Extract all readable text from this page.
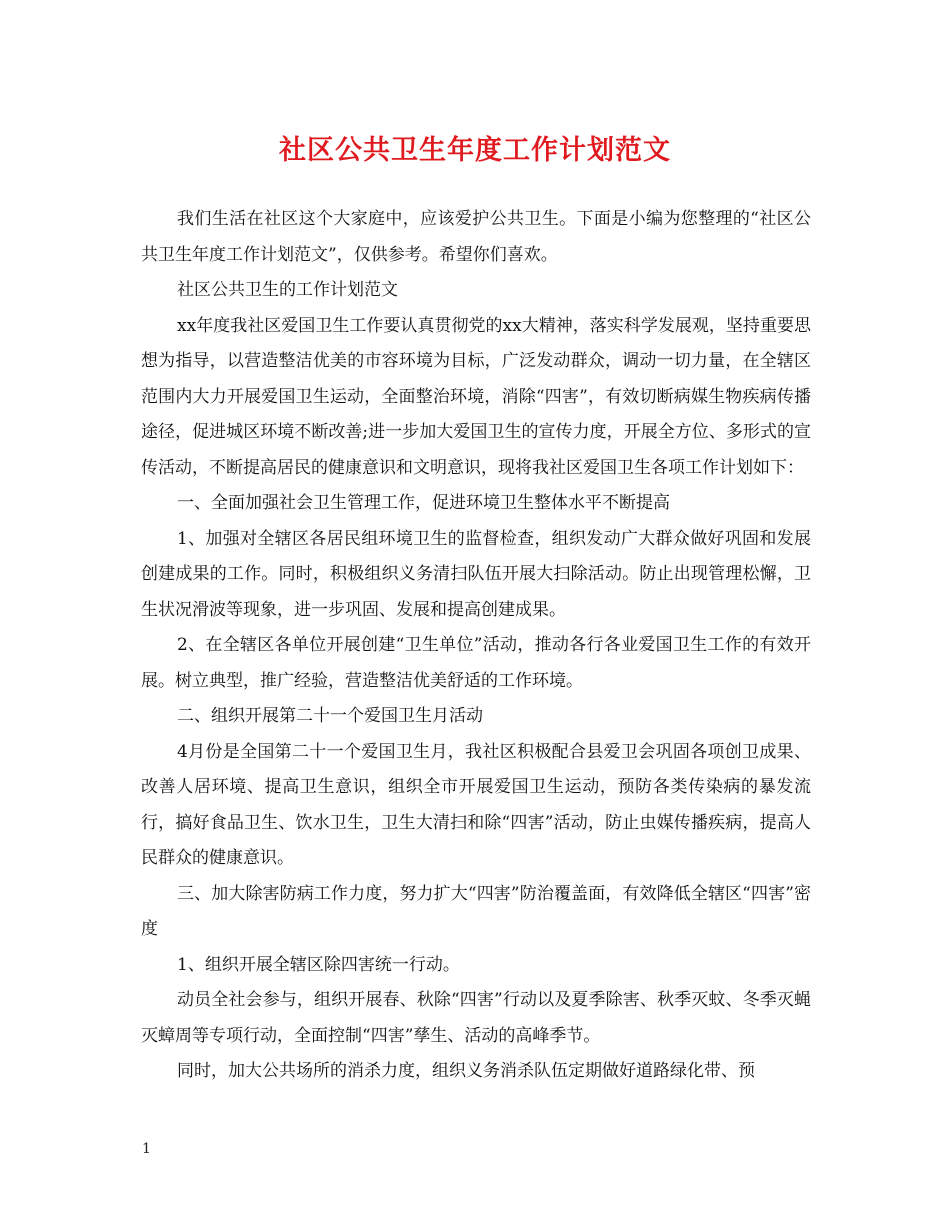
社区公共卫生年度工作计划范文

我们生活在社区这个大家庭中，应该爱护公共卫生。下面是小编为您整理的“社区公共卫生年度工作计划范文”，仅供参考。希望你们喜欢。

社区公共卫生的工作计划范文

xx年度我社区爱国卫生工作要认真贯彻党的xx大精神，落实科学发展观，坚持重要思想为指导，以营造整洁优美的市容环境为目标，广泛发动群众，调动一切力量，在全辖区范围内大力开展爱国卫生运动，全面整治环境，消除“四害”，有效切断病媒生物疾病传播途径，促进城区环境不断改善;进一步加大爱国卫生的宣传力度，开展全方位、多形式的宣传活动，不断提高居民的健康意识和文明意识，现将我社区爱国卫生各项工作计划如下：

一、全面加强社会卫生管理工作，促进环境卫生整体水平不断提高

1、加强对全辖区各居民组环境卫生的监督检查，组织发动广大群众做好巩固和发展创建成果的工作。同时，积极组织义务清扫队伍开展大扫除活动。防止出现管理松懈，卫生状况滑波等现象，进一步巩固、发展和提高创建成果。

2、在全辖区各单位开展创建“卫生单位”活动，推动各行各业爱国卫生工作的有效开展。树立典型，推广经验，营造整洁优美舒适的工作环境。

二、组织开展第二十一个爱国卫生月活动

4月份是全国第二十一个爱国卫生月，我社区积极配合县爱卫会巩固各项创卫成果、改善人居环境、提高卫生意识，组织全市开展爱国卫生运动，预防各类传染病的暴发流行，搞好食品卫生、饮水卫生，卫生大清扫和除“四害”活动，防止虫媒传播疾病，提高人民群众的健康意识。

三、加大除害防病工作力度，努力扩大“四害”防治覆盖面，有效降低全辖区“四害”密度

1、组织开展全辖区除四害统一行动。

动员全社会参与，组织开展春、秋除“四害”行动以及夏季除害、秋季灭蚊、冬季灭蝇灭蟑周等专项行动，全面控制“四害”孳生、活动的高峰季节。

同时，加大公共场所的消杀力度，组织义务消杀队伍定期做好道路绿化带、预

1
